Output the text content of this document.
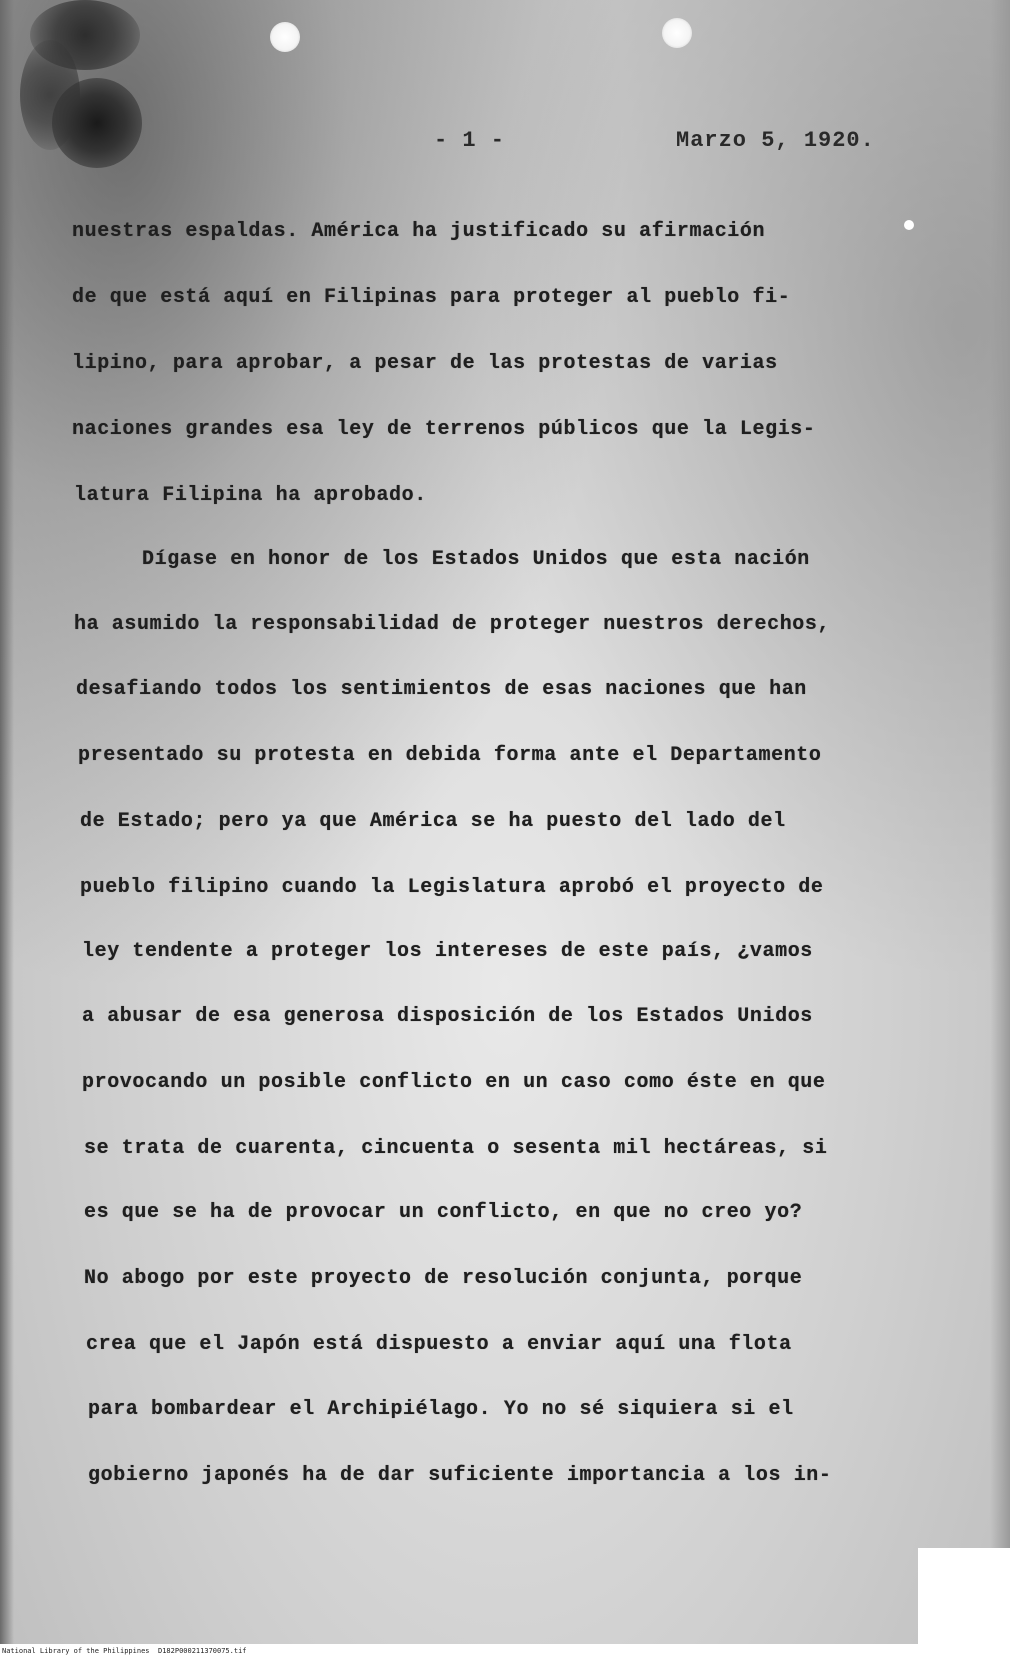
- 1 -	Marzo 5, 1920.
nuestras espaldas. América ha justificado su afirmación
de que está aquí en Filipinas para proteger al pueblo fi-
lipino, para aprobar, a pesar de las protestas de varias
naciones grandes esa ley de terrenos públicos que la Legis-
latura Filipina ha aprobado.
Dígase en honor de los Estados Unidos que esta nación
ha asumido la responsabilidad de proteger nuestros derechos,
desafiando todos los sentimientos de esas naciones que han
presentado su protesta en debida forma ante el Departamento
de Estado; pero ya que América se ha puesto del lado del
pueblo filipino cuando la Legislatura aprobó el proyecto de
ley tendente a proteger los intereses de este país, ¿vamos
a abusar de esa generosa disposición de los Estados Unidos
provocando un posible conflicto en un caso como éste en que
se trata de cuarenta, cincuenta o sesenta mil hectáreas, si
es que se ha de provocar un conflicto, en que no creo yo?
No abogo por este proyecto de resolución conjunta, porque
crea que el Japón está dispuesto a enviar aquí una flota
para bombardear el Archipiélago. Yo no sé siquiera si el
gobierno japonés ha de dar suficiente importancia a los in-
National Library of the Philippines D182P000211370075.tif
